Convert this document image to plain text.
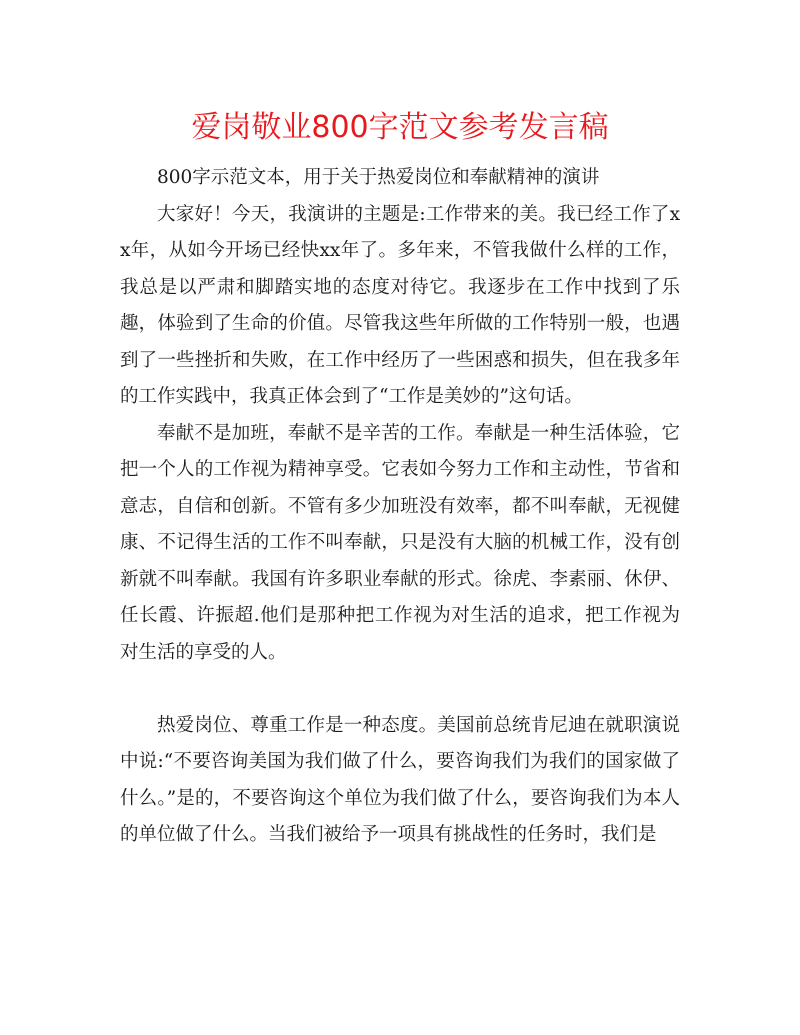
爱岗敬业800字范文参考发言稿

800字示范文本，用于关于热爱岗位和奉献精神的演讲

大家好！今天，我演讲的主题是:工作带来的美。我已经工作了xx年，从如今开场已经快xx年了。多年来，不管我做什么样的工作，我总是以严肃和脚踏实地的态度对待它。我逐步在工作中找到了乐趣，体验到了生命的价值。尽管我这些年所做的工作特别一般，也遇到了一些挫折和失败，在工作中经历了一些困惑和损失，但在我多年的工作实践中，我真正体会到了“工作是美妙的”这句话。

奉献不是加班，奉献不是辛苦的工作。奉献是一种生活体验，它把一个人的工作视为精神享受。它表如今努力工作和主动性，节省和意志，自信和创新。不管有多少加班没有效率，都不叫奉献，无视健康、不记得生活的工作不叫奉献，只是没有大脑的机械工作，没有创新就不叫奉献。我国有许多职业奉献的形式。徐虎、李素丽、休伊、任长霞、许振超.他们是那种把工作视为对生活的追求，把工作视为对生活的享受的人。

热爱岗位、尊重工作是一种态度。美国前总统肯尼迪在就职演说中说:“不要咨询美国为我们做了什么，要咨询我们为我们的国家做了什么。”是的，不要咨询这个单位为我们做了什么，要咨询我们为本人的单位做了什么。当我们被给予一项具有挑战性的任务时，我们是
